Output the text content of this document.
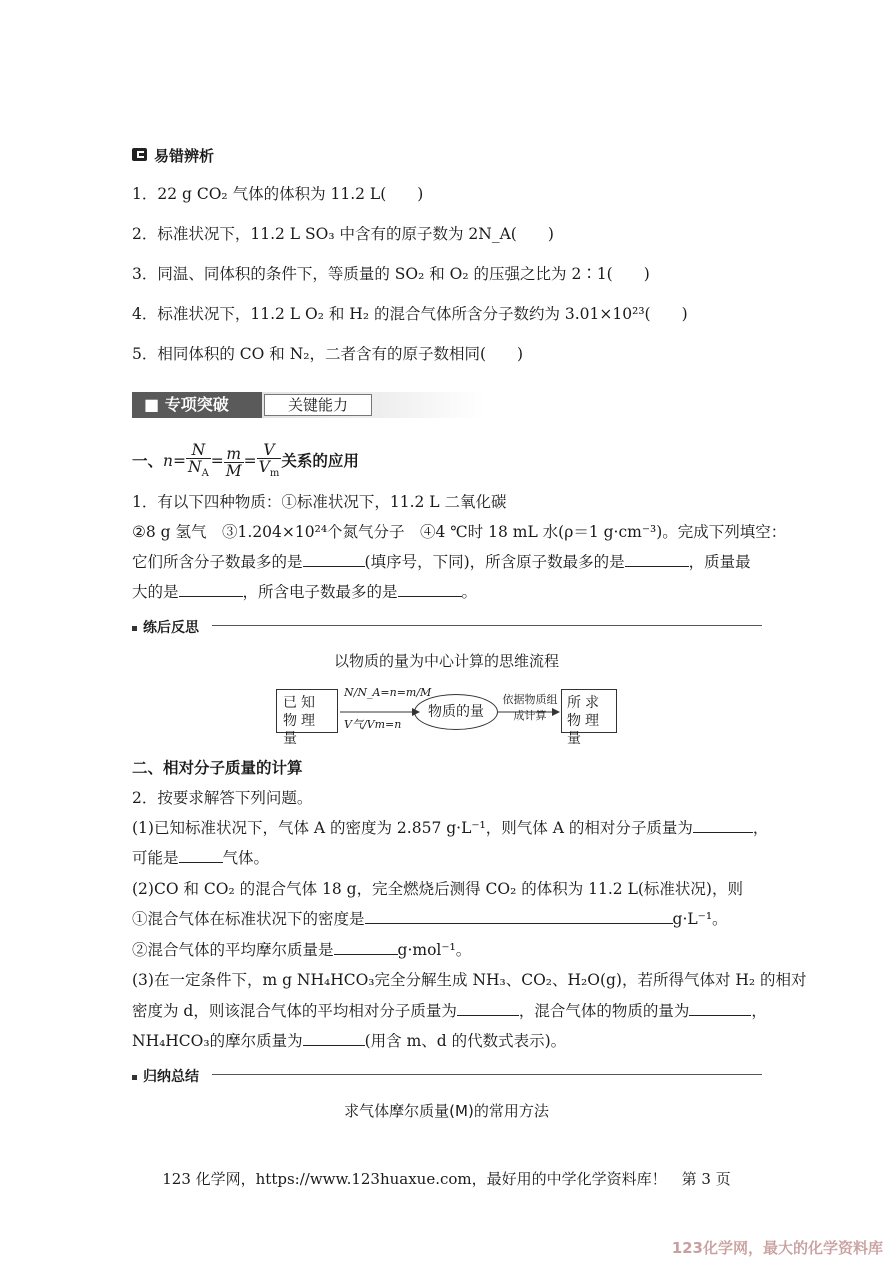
易错辨析
1．22 g CO₂ 气体的体积为 11.2 L(　　)
2．标准状况下，11.2 L SO₃ 中含有的原子数为 2N_A(　　)
3．同温、同体积的条件下，等质量的 SO₂ 和 O₂ 的压强之比为 2∶1(　　)
4．标准状况下，11.2 L O₂ 和 H₂ 的混合气体所含分子数约为 3.01×10²³(　　)
5．相同体积的 CO 和 N₂，二者含有的原子数相同(　　)
■ 专项突破	关键能力
一、$n= \frac{N}{N_A} = \frac{m}{M} = \frac{V}{V_m}$ 关系的应用
1．有以下四种物质：①标准状况下，11.2 L 二氧化碳
②8 g 氢气　③1.204×10²⁴个氮气分子　④4 ℃时 18 mL 水(ρ＝1 g·cm⁻³)。完成下列填空：
它们所含分子数最多的是	(填序号，下同)，所含原子数最多的是	，质量最
大的是	，所含电子数最多的是	。
练后反思
以物质的量为中心计算的思维流程
已知物理量
N/N_A=n=m/M
V气/Vm=n
物质的量
依据物质组成计算
所求物理量
二、相对分子质量的计算
2．按要求解答下列问题。
(1)已知标准状况下，气体 A 的密度为 2.857 g·L⁻¹，则气体 A 的相对分子质量为	，
可能是	气体。
(2)CO 和 CO₂ 的混合气体 18 g，完全燃烧后测得 CO₂ 的体积为 11.2 L(标准状况)，则
①混合气体在标准状况下的密度是	g·L⁻¹。
②混合气体的平均摩尔质量是	g·mol⁻¹。
(3)在一定条件下，m g NH₄HCO₃完全分解生成 NH₃、CO₂、H₂O(g)，若所得气体对 H₂ 的相对
密度为 d，则该混合气体的平均相对分子质量为	，混合气体的物质的量为	，
NH₄HCO₃的摩尔质量为	(用含 m、d 的代数式表示)。
归纳总结
求气体摩尔质量(M)的常用方法
123 化学网，https://www.123huaxue.com，最好用的中学化学资料库！　第 3 页
123化学网，最大的化学资料库
